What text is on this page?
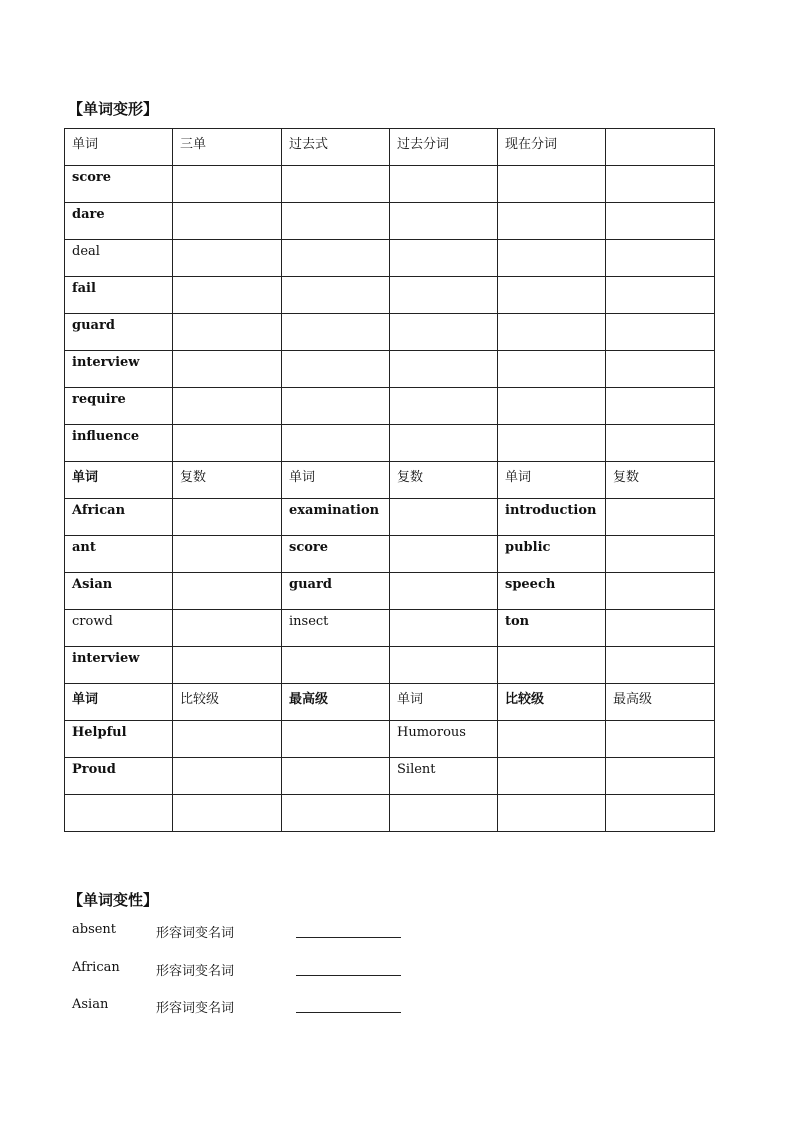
【单词变形】
单词	三单	过去式	过去分词	现在分词	
score					
dare					
deal					
fail					
guard					
interview					
require					
influence					
单词	复数	单词	复数	单词	复数
African		examination		introduction	
ant		score		public	
Asian		guard		speech	
crowd		insect		ton	
interview					
单词	比较级	最高级	单词	比较级	最高级
Helpful			Humorous		
Proud			Silent		

【单词变性】
absent	形容词变名词
African	形容词变名词
Asian	形容词变名词
